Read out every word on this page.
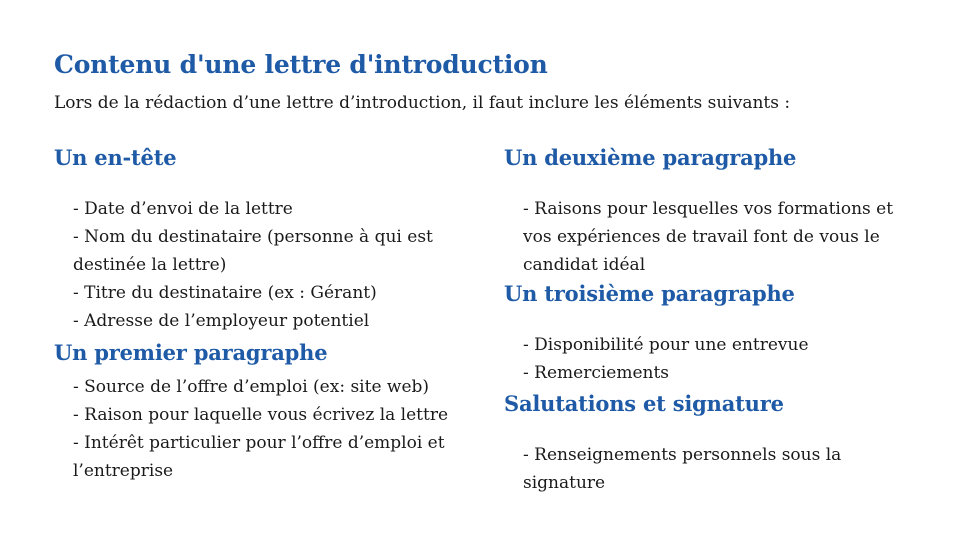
Contenu d'une lettre d'introduction

Lors de la rédaction d’une lettre d’introduction, il faut inclure les éléments suivants :

Un en-tête
- Date d’envoi de la lettre
- Nom du destinataire (personne à qui est destinée la lettre)
- Titre du destinataire (ex : Gérant)
- Adresse de l’employeur potentiel
Un premier paragraphe
- Source de l’offre d’emploi (ex: site web)
- Raison pour laquelle vous écrivez la lettre
- Intérêt particulier pour l’offre d’emploi et l’entreprise
Un deuxième paragraphe
- Raisons pour lesquelles vos formations et vos expériences de travail font de vous le candidat idéal
Un troisième paragraphe
- Disponibilité pour une entrevue
- Remerciements
Salutations et signature
- Renseignements personnels sous la signature
